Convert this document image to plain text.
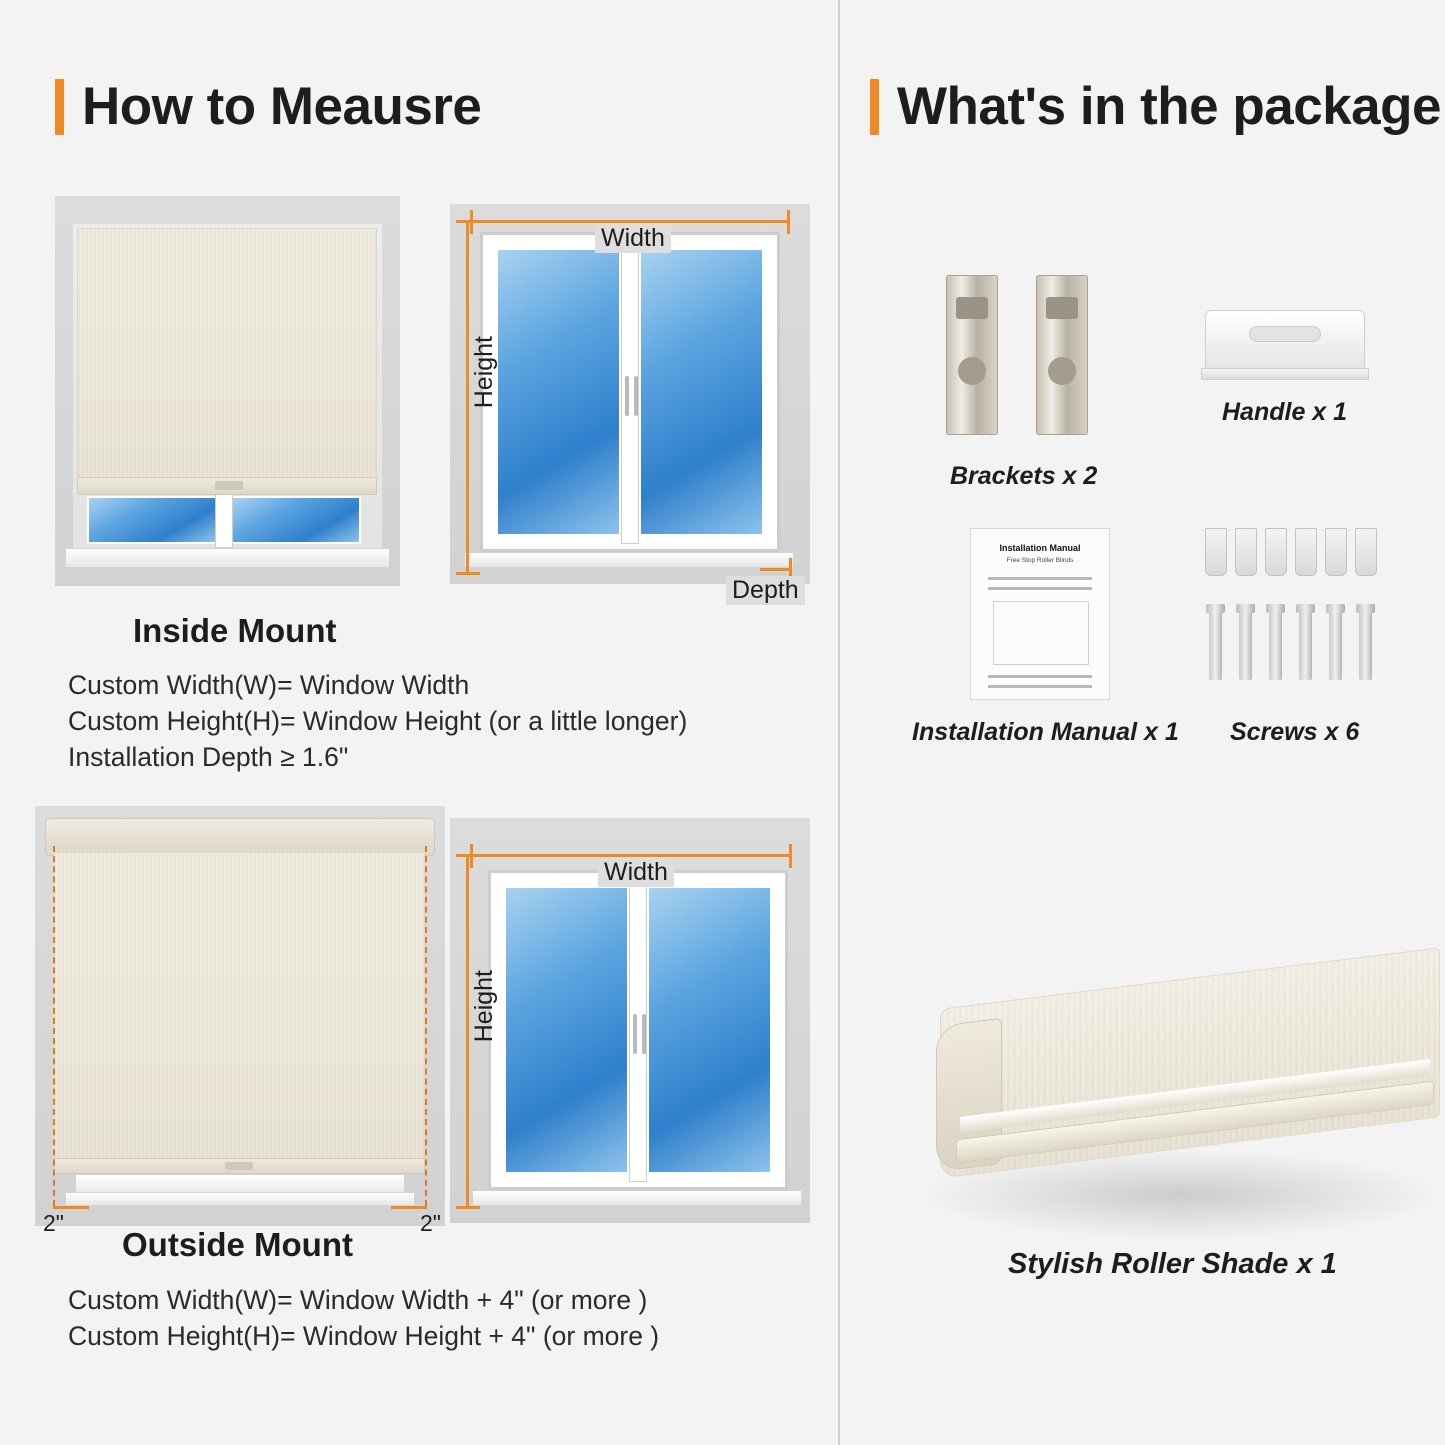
How to Meausre	What's in the package
Width
Height
Depth
Inside Mount
Custom Width(W)= Window Width
Custom Height(H)= Window Height (or a little longer)
Installation Depth ≥ 1.6"
2"	2"
Width
Height
Outside Mount
Custom Width(W)= Window Width + 4" (or more )
Custom Height(H)= Window Height + 4" (or more )
Brackets x 2
Handle x 1
Installation Manual
Free Stop Roller Blinds
Installation Manual x 1 Screws x 6
Stylish Roller Shade x 1
